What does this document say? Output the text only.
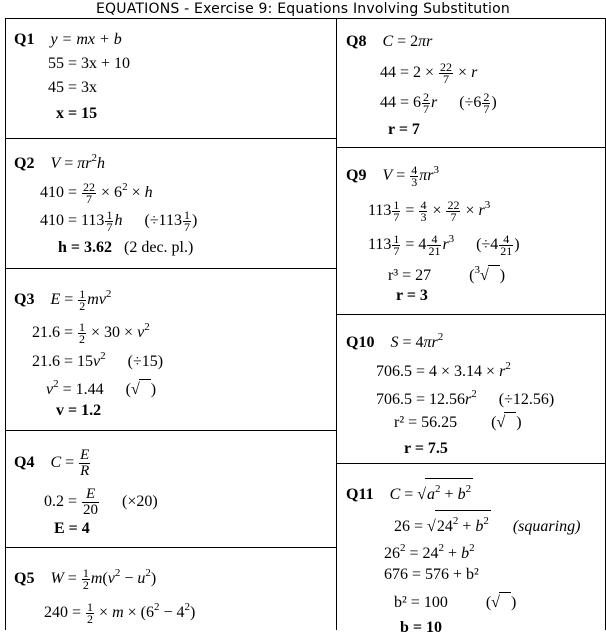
EQUATIONS - Exercise 9: Equations Involving Substitution
Q1 y = mx + b
55 = 3x + 10
45 = 3x
x = 15
Q2 $V = \pi r^2h$
$410 = \frac{22}{7} \times 6^2 \times h$
$410 = 113 \frac{1}{7}$ h ($\div 113 \frac{1}{7}$ )
h = 3.62 (2 dec. pl.)
Q3 $E = \frac{1}{2} mv^2$
$21.6 = \frac{1}{2} \times 30 \times v^2$
$21.6 = 15v^2$ (÷15)
$v^2 = 1.44$ (√ )
v = 1.2
Q4 $C = \frac{E}{R}$
$0.2 = \frac{E}{20} (\times 20)$
E = 4
Q5 $W = \frac{1}{2} m(v^2 - u^2)$
$240 = \frac{1}{2} \times m \times (6^2 - 4^2)$
Q8 C = 2πr
$44 = 2 \times \frac{22}{7} \times r$
$44 = 6 \frac{2}{7}$ r ($\div 6 \frac{2}{7}$ )
r = 7
Q9 $V = \frac{4}{3} \pi r^3$
$113 \frac{1}{7} = \frac{4}{3} \times \frac{22}{7} \times r^3$
$113 \frac{1}{7} = 4 \frac{4}{21} r^3$ ($\div 4 \frac{4}{21}$ )
r³ = 27 ($^3$√ )
r = 3
Q10 $S = 4\pi r^2$
$706.5 = 4 \times 3.14 \times r^2$
$706.5 = 12.56r^2$ (÷12.56)
r² = 56.25 (√ )
r = 7.5
Q11 $C = √a^2 + b^2$
$26 = √24^2 + b^2$ (squaring)
$26^2 = 24^2 + b^2$
676 = 576 + b²
b² = 100 (√ )
b = 10
